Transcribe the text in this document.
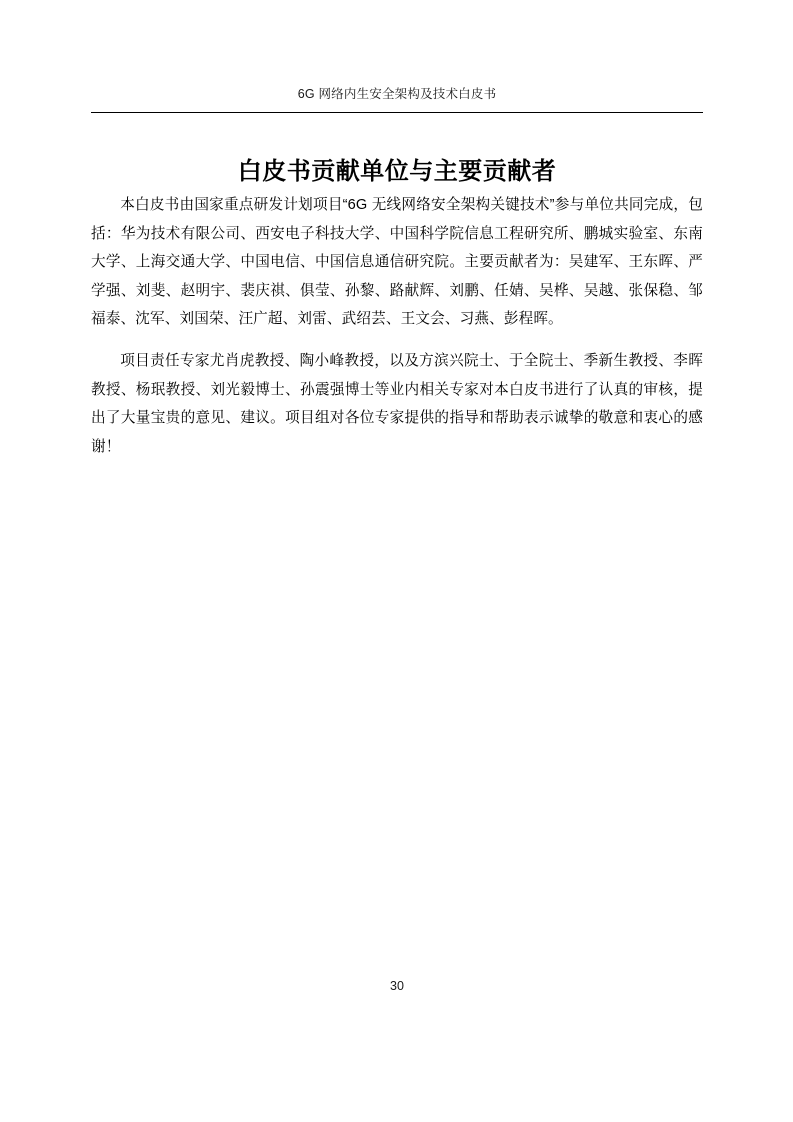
6G 网络内生安全架构及技术白皮书
白皮书贡献单位与主要贡献者

本白皮书由国家重点研发计划项目“6G 无线网络安全架构关键技术”参与单位共同完成，包括：华为技术有限公司、西安电子科技大学、中国科学院信息工程研究所、鹏城实验室、东南大学、上海交通大学、中国电信、中国信息通信研究院。主要贡献者为：吴建军、王东晖、严学强、刘斐、赵明宇、裴庆祺、俱莹、孙黎、路献辉、刘鹏、任婧、吴桦、吴越、张保稳、邹福泰、沈军、刘国荣、汪广超、刘雷、武绍芸、王文会、习燕、彭程晖。

项目责任专家尤肖虎教授、陶小峰教授，以及方滨兴院士、于全院士、季新生教授、李晖教授、杨珉教授、刘光毅博士、孙震强博士等业内相关专家对本白皮书进行了认真的审核，提出了大量宝贵的意见、建议。项目组对各位专家提供的指导和帮助表示诚挚的敬意和衷心的感谢！

30
